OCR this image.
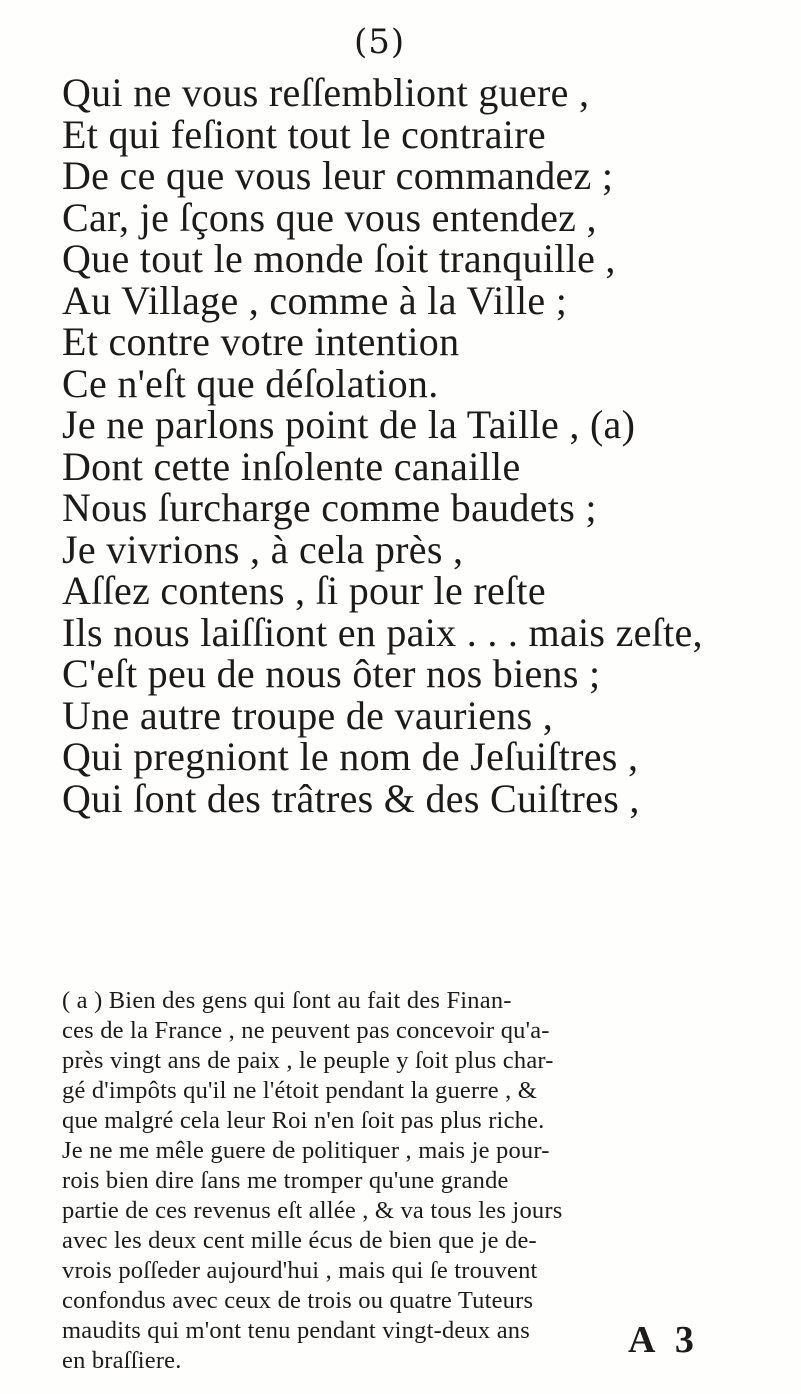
(5)
Qui ne vous reſſembliont guere ,
Et qui feſiont tout le contraire
De ce que vous leur commandez ;
Car, je ſçons que vous entendez ,
Que tout le monde ſoit tranquille ,
Au Village , comme à la Ville ;
Et contre votre intention
Ce n'eſt que déſolation.
Je ne parlons point de la Taille , (a)
Dont cette inſolente canaille
Nous ſurcharge comme baudets ;
Je vivrions , à cela près ,
Aſſez contens , ſi pour le reſte
Ils nous laiſſiont en paix . . . mais zeſte,
C'eſt peu de nous ôter nos biens ;
Une autre troupe de vauriens ,
Qui pregniont le nom de Jeſuiſtres ,
Qui ſont des trâtres & des Cuiſtres ,
( a ) Bien des gens qui ſont au fait des Finan-
ces de la France , ne peuvent pas concevoir qu'a-
près vingt ans de paix , le peuple y ſoit plus char-
gé d'impôts qu'il ne l'étoit pendant la guerre , &
que malgré cela leur Roi n'en ſoit pas plus riche.
Je ne me mêle guere de politiquer , mais je pour-
rois bien dire ſans me tromper qu'une grande
partie de ces revenus eſt allée , & va tous les jours
avec les deux cent mille écus de bien que je de-
vrois poſſeder aujourd'hui , mais qui ſe trouvent
confondus avec ceux de trois ou quatre Tuteurs
maudits qui m'ont tenu pendant vingt-deux ans
en braſſiere.	A 3
